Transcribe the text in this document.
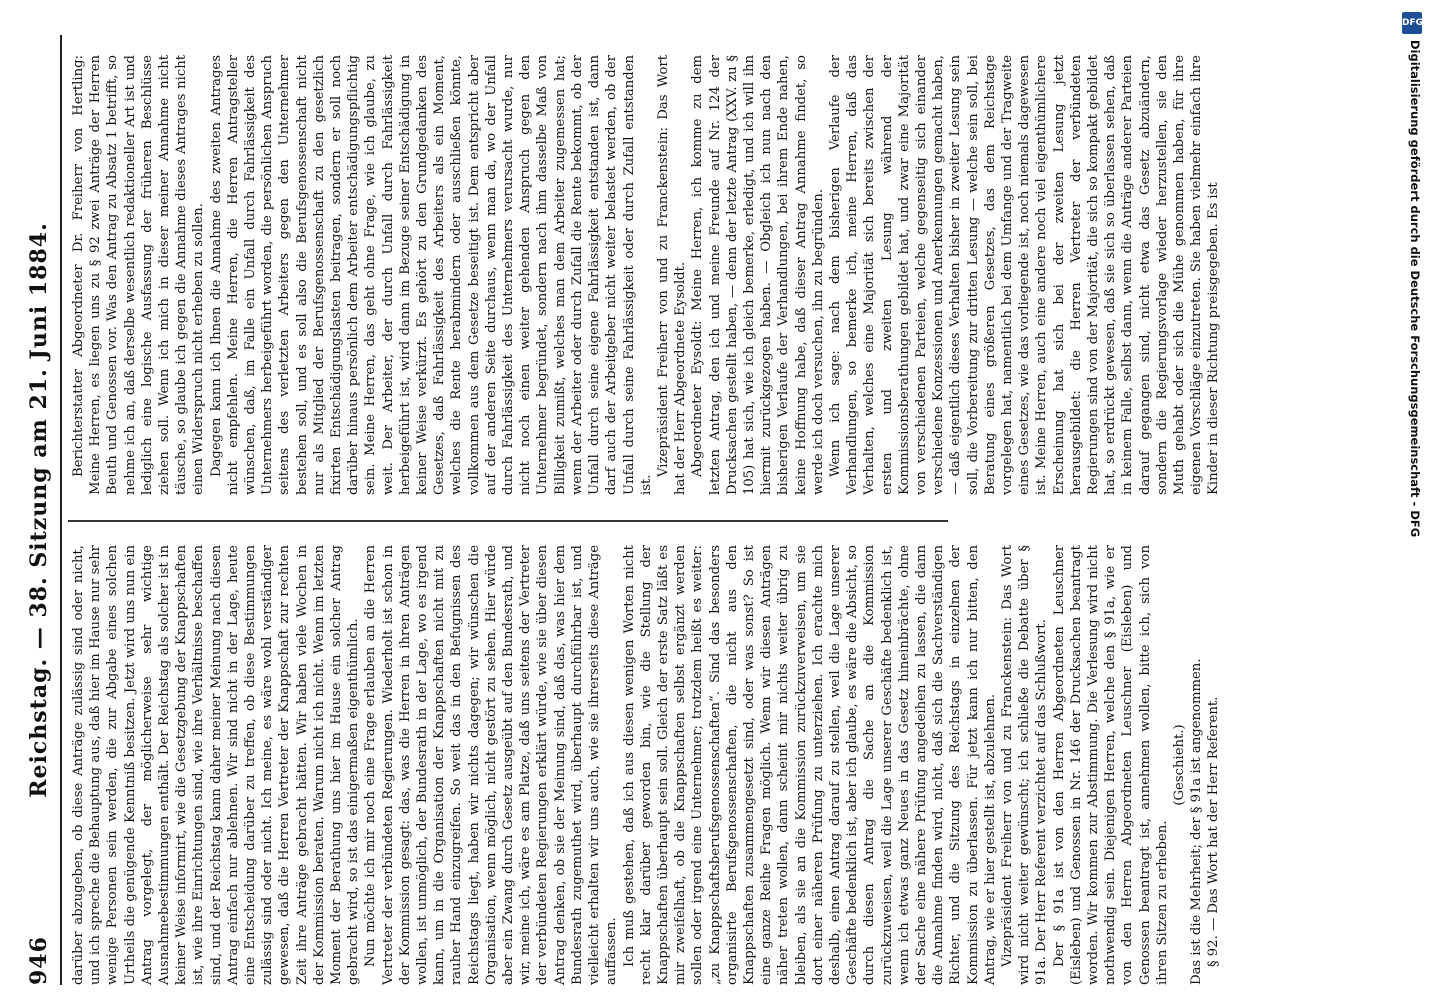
946
Reichstag. — 38. Sitzung am 21. Juni 1884. darüber abzugeben, ob diese Anträge zulässig sind oder nicht, und ich spreche die Behauptung aus, daß hier im Hause nur sehr wenige Personen sein werden, die zur Abgabe eines solchen Urtheils die genügende Kenntniß besitzen. Jetzt wird uns nun ein Antrag vorgelegt, der möglicherweise sehr wichtige Ausnahmebestimmungen enthält. Der Reichstag als solcher ist in keiner Weise informirt, wie die Gesetzgebung der Knappschaften ist, wie ihre Einrichtungen sind, wie ihre Verhältnisse beschaffen sind, und der Reichstag kann daher meiner Meinung nach diesen Antrag einfach nur ablehnen. Wir sind nicht in der Lage, heute eine Entscheidung darüber zu treffen, ob diese Bestimmungen zulässig sind oder nicht. Ich meine, es wäre wohl verständiger gewesen, daß die Herren Vertreter der Knappschaft zur rechten Zeit ihre Anträge gebracht hätten. Wir haben viele Wochen in der Kommission beraten. Warum nicht ich nicht. Wenn im letzten Moment der Berathung uns hier im Hause ein solcher Antrag gebracht wird, so ist das einigermaßen eigenthümlich. Nun möchte ich mir noch eine Frage erlauben an die Herren Vertreter der verbündeten Regierungen. Wiederholt ist schon in der Kommission gesagt: das, was die Herren in ihren Anträgen wollen, ist unmöglich, der Bundesrath in der Lage, wo es irgend kann, um in die Organisation der Knappschaften nicht mit zu rauher Hand einzugreifen. So weit das in den Befugnissen des Reichstags liegt, haben wir nichts dagegen; wir wünschen die Organisation, wenn möglich, nicht gestört zu sehen. Hier würde aber ein Zwang durch Gesetz ausgeübt auf den Bundesrath, und wir, meine ich, wäre es am Platze, daß uns seitens der Vertreter der verbündeten Regierungen erklärt würde, wie sie über diesen Antrag denken, ob sie der Meinung sind, daß das, was hier dem Bundesrath zugemuthet wird, überhaupt durchführbar ist, und vielleicht erhalten wir uns auch, wie sie ihrerseits diese Anträge auffassen. Ich muß gestehen, daß ich aus diesen wenigen Worten nicht recht klar darüber geworden bin, wie die Stellung der Knappschaften überhaupt sein soll. Gleich der erste Satz läßt es mir zweifelhaft, ob die Knappschaften selbst ergänzt werden sollen oder irgend eine Unternehmer; trotzdem heißt es weiter: „zu Knappschaftsberufsgenossenschaften“. Sind das besonders organisirte Berufsgenossenschaften, die nicht aus den Knappschaften zusammengesetzt sind, oder was sonst? So ist eine ganze Reihe Fragen möglich. Wenn wir diesen Anträgen näher treten wollen, dann scheint mir nichts weiter übrig zu bleiben, als sie an die Kommission zurückzuverweisen, um sie dort einer näheren Prüfung zu unterziehen. Ich erachte mich deshalb, einen Antrag darauf zu stellen, weil die Lage unserer Geschäfte bedenklich ist, aber ich glaube, es wäre die Absicht, so durch diesen Antrag die Sache an die Kommission zurückzuweisen, weil die Lage unserer Geschäfte bedenklich ist, wenn ich etwas ganz Neues in das Gesetz hineinbrächte, ohne der Sache eine nähere Prüfung angedeihen zu lassen, die dann die Annahme finden wird, nicht, daß sich die Sachverständigen Richter, und die Sitzung des Reichstags in einzelnen der Kommission zu überlassen. Für jetzt kann ich nur bitten, den Antrag, wie er hier gestellt ist, abzulehnen. Vizepräsident Freiherr von und zu Franckenstein: Das Wort wird nicht weiter gewünscht; ich schließe die Debatte über § 91a. Der Herr Referent verzichtet auf das Schlußwort. Der § 91a ist von den Herren Abgeordneten Leuschner (Eisleben) und Genossen in Nr. 146 der Drucksachen beantragt worden. Wir kommen zur Abstimmung. Die Verlesung wird nicht nothwendig sein. Diejenigen Herren, welche den § 91a, wie er von den Herren Abgeordneten Leuschner (Eisleben) und Genossen beantragt ist, annehmen wollen, bitte ich, sich von ihren Sitzen zu erheben.

(Geschieht.) Das ist die Mehrheit; der § 91a ist angenommen. § 92. — Das Wort hat der Herr Referent.

Berichterstatter Abgeordneter Dr. Freiherr von Hertling: Meine Herren, es liegen uns zu § 92 zwei Anträge der Herren Beuth und Genossen vor. Was den Antrag zu Absatz 1 betrifft, so nehme ich an, daß derselbe wesentlich redaktioneller Art ist und lediglich eine logische Ausfassung der früheren Beschlüsse ziehen soll. Wenn ich mich in dieser meiner Annahme nicht täusche, so glaube ich gegen die Annahme dieses Antrages nicht einen Widerspruch nicht erheben zu sollen. Dagegen kann ich Ihnen die Annahme des zweiten Antrages nicht empfehlen. Meine Herren, die Herren Antragsteller wünschen, daß, im Falle ein Unfall durch Fahrlässigkeit des Unternehmers herbeigeführt worden, die persönlichen Anspruch seitens des verletzten Arbeiters gegen den Unternehmer bestehen soll, und es soll also die Berufsgenossenschaft nicht nur als Mitglied der Berufsgenossenschaft zu den gesetzlich fixirten Entschädigungslasten beitragen, sondern er soll noch darüber hinaus persönlich dem Arbeiter entschädigungspflichtig sein. Meine Herren, das geht ohne Frage, wie ich glaube, zu weit. Der Arbeiter, der durch Unfall durch Fahrlässigkeit herbeigeführt ist, wird dann im Bezuge seiner Entschädigung in keiner Weise verkürzt. Es gehört zu den Grundgedanken des Gesetzes, daß Fahrlässigkeit des Arbeiters als ein Moment, welches die Rente herabmindern oder ausschließen könnte, vollkommen aus dem Gesetze beseitigt ist. Dem entspricht aber auf der anderen Seite durchaus, wenn man da, wo der Unfall durch Fahrlässigkeit des Unternehmers verursacht wurde, nur nicht noch einen weiter gehenden Anspruch gegen den Unternehmer begründet, sondern nach ihm dasselbe Maß von Billigkeit zumißt, welches man dem Arbeiter zugemessen hat; wenn der Arbeiter oder durch Zufall die Rente bekommt, ob der Unfall durch seine eigene Fahrlässigkeit entstanden ist, dann darf auch der Arbeitgeber nicht weiter belastet werden, ob der Unfall durch seine Fahrlässigkeit oder durch Zufall entstanden ist.

Vizepräsident Freiherr von und zu Franckenstein: Das Wort hat der Herr Abgeordnete Eysoldt. Abgeordneter Eysoldt: Meine Herren, ich komme zu dem letzten Antrag, den ich und meine Freunde auf Nr. 124 der Drucksachen gestellt haben, — denn der letzte Antrag (XXV. zu § 105) hat sich, wie ich gleich bemerke, erledigt, und ich will ihn hiermit zurückgezogen haben. — Obgleich ich nun nach den bisherigen Verlaufe der Verhandlungen, bei ihrem Ende nahen, keine Hoffnung habe, daß dieser Antrag Annahme findet, so werde ich doch versuchen, ihn zu begründen. Wenn ich sage: nach dem bisherigen Verlaufe der Verhandlungen, so bemerke ich, meine Herren, daß das Verhalten, welches eine Majorität sich bereits zwischen der ersten und zweiten Lesung während der Kommissionsberathungen gebildet hat, und zwar eine Majorität von verschiedenen Parteien, welche gegenseitig sich einander verschiedene Konzessionen und Anerkennungen gemacht haben, — daß eigentlich dieses Verhalten bisher in zweiter Lesung sein soll, die Vorbereitung zur dritten Lesung — welche sein soll, bei Beratung eines größeren Gesetzes, das dem Reichstage vorgelegen hat, namentlich bei dem Umfange und der Tragweite eines Gesetzes, wie das vorliegende ist, noch niemals dagewesen ist. Meine Herren, auch eine andere noch viel eigenthümlichere Erscheinung hat sich bei der zweiten Lesung jetzt herausgebildet: die Herren Vertreter der verbündeten Regierungen sind von der Majorität, die sich so kompakt gebildet hat, so erdrückt gewesen, daß sie sich so überlassen sehen, daß in keinem Falle, selbst dann, wenn die Anträge anderer Parteien darauf gegangen sind, nicht etwa das Gesetz abzuändern, sondern die Regierungsvorlage wieder herzustellen, sie den Muth gehabt oder sich die Mühe genommen haben, für ihre eigenen Vorschläge einzutreten. Sie haben vielmehr einfach ihre Kinder in dieser Richtung preisgegeben. Es ist

DFG
Digitalisierung gefördert durch die Deutsche Forschungsgemeinschaft - DFG
